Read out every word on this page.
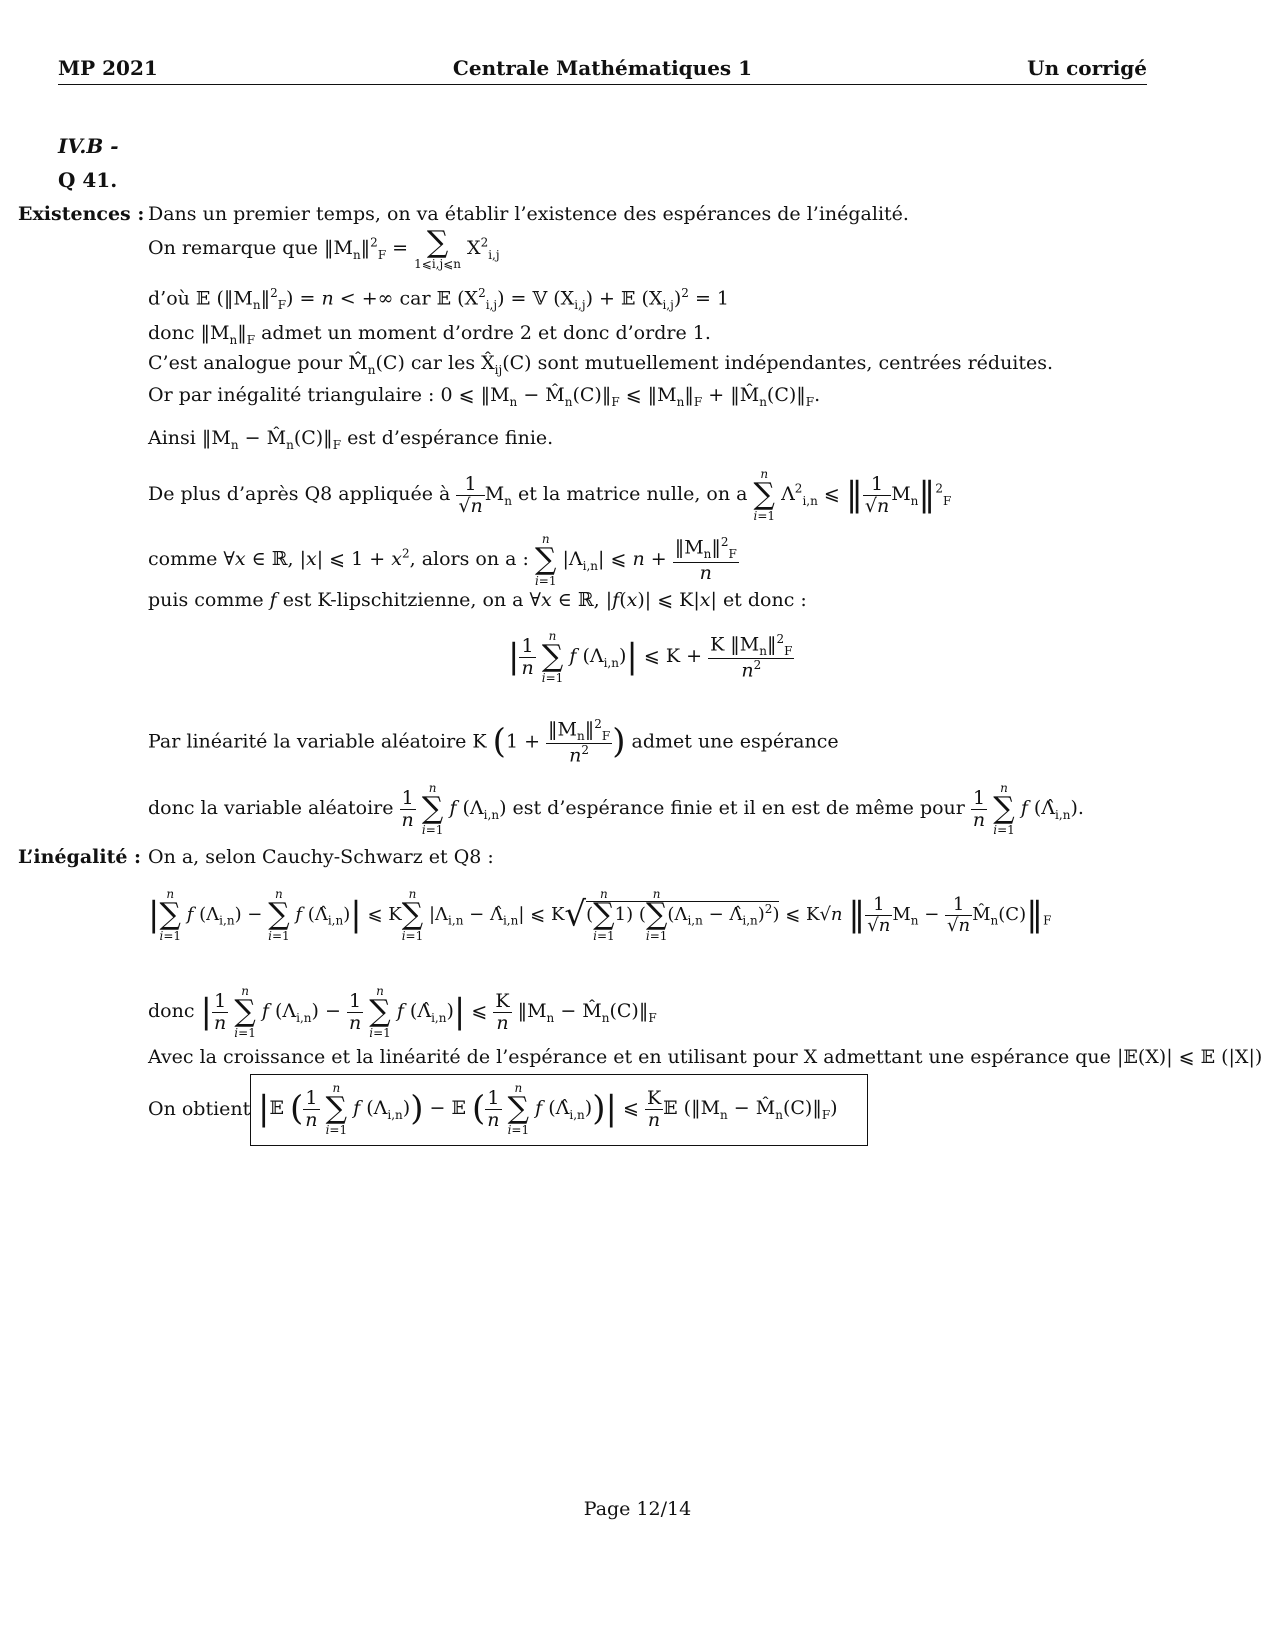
MP 2021	Centrale Mathématiques 1	Un corrigé
IV.B -
Q 41.
Existences : Dans un premier temps, on va établir l’existence des espérances de l’inégalité.
On remarque que $‖M_n‖^2_F$ = ∑
1⩽i,j⩽n
$X^2_{i,j}$
d’où 𝔼 $(‖M_n‖^2_F) = n$ < +∞ car 𝔼 $(X^2_{i,j})$ = 𝕍 $(X_{i,j})$ + 𝔼 $(X_{i,j})^2 = 1$
donc $‖M_n‖_F$ admet un moment d’ordre 2 et donc d’ordre 1.
C’est analogue pour $M̂_n(C)$ car les $X̂_{ij}(C)$ sont mutuellement indépendantes, centrées réduites.
Or par inégalité triangulaire : 0 ⩽ $‖M_n$ − $M̂_n(C)‖_F$ ⩽ $‖M_n‖_F$ + $‖M̂_n(C)‖_F$.
Ainsi $‖M_n$ − $M̂_n(C)‖_F$ est d’espérance finie.
De plus d’après Q8 appliquée à $\frac{1}{√n} M_n$ et la matrice nulle, on a
n
∑
i=1
$\Lambda^2_{i,n}$ ⩽ ‖ $\frac{1}{√n}$ $M_n‖^2_F$
comme ∀x ∈ ℝ, |x| ⩽ $1 + x^2$, alors on a :
n
∑
i=1
$|\Lambda_{i,n}|$ ⩽ $n + \frac{‖M_n‖^2_F}{n}$
puis comme f est K-lipschitzienne, on a ∀x ∈ ℝ, |f(x)| ⩽ K|x| et donc :
| $\frac{1}{n}$
	n
∑
i=1
f $(\Lambda_{i,n})|$ ⩽ $K + \frac{K ‖M_n‖^2_F}{n^2}$
Par linéarité la variable aléatoire K ($1 + \frac{‖M_n‖^2_F}{n^2}$ ) admet une espérance
donc la variable aléatoire $\frac{1}{n}$
	n
∑
i=1
f $(\Lambda_{i,n})$ est d’espérance finie et il en est de même pour $\frac{1}{n}$
	n
∑
i=1
f $(\Lambdâ_{i,n})$.
L’inégalité : On a, selon Cauchy-Schwarz et Q8 :
|
n
∑
i=1
f $(\Lambda_{i,n})$ −
n
∑
i=1
f $(\Lambdâ_{i,n})|$ ⩽ K
n
∑
i=1
$|\Lambda_{i,n}$ − $\Lambdâ_{i,n}|$ ⩽ K√(
n
∑
i=1
1) (
n
∑
i=1
($\Lambda_{i,n}$ − $\Lambdâ_{i,n})^2$) ⩽ K√n ‖ $\frac{1}{√n} M_n - \frac{1}{√n}$ $M̂_n(C)‖_F$
donc | $\frac{1}{n}$
	n
∑
i=1
f $(\Lambda_{i,n}) - \frac{1}{n}$
	n
∑
i=1
f $(\Lambdâ_{i,n})|$ ⩽ $\frac{K}{n}$ $‖M_n$ − $M̂_n(C)‖_F$
Avec la croissance et la linéarité de l’espérance et en utilisant pour X admettant une espérance que |𝔼(X)| ⩽ 𝔼 (|X|)
On obtient |𝔼 ( $\frac{1}{n}$
	n
∑
i=1
f $(\Lambda_{i,n})$) − 𝔼 ( $\frac{1}{n}$
	n
∑
i=1
f $(\Lambdâ_{i,n}))|$ ⩽ $\frac{K}{n}$ 𝔼 ($‖M_n$ − $M̂_n(C)‖_F$)
Page 12/14
